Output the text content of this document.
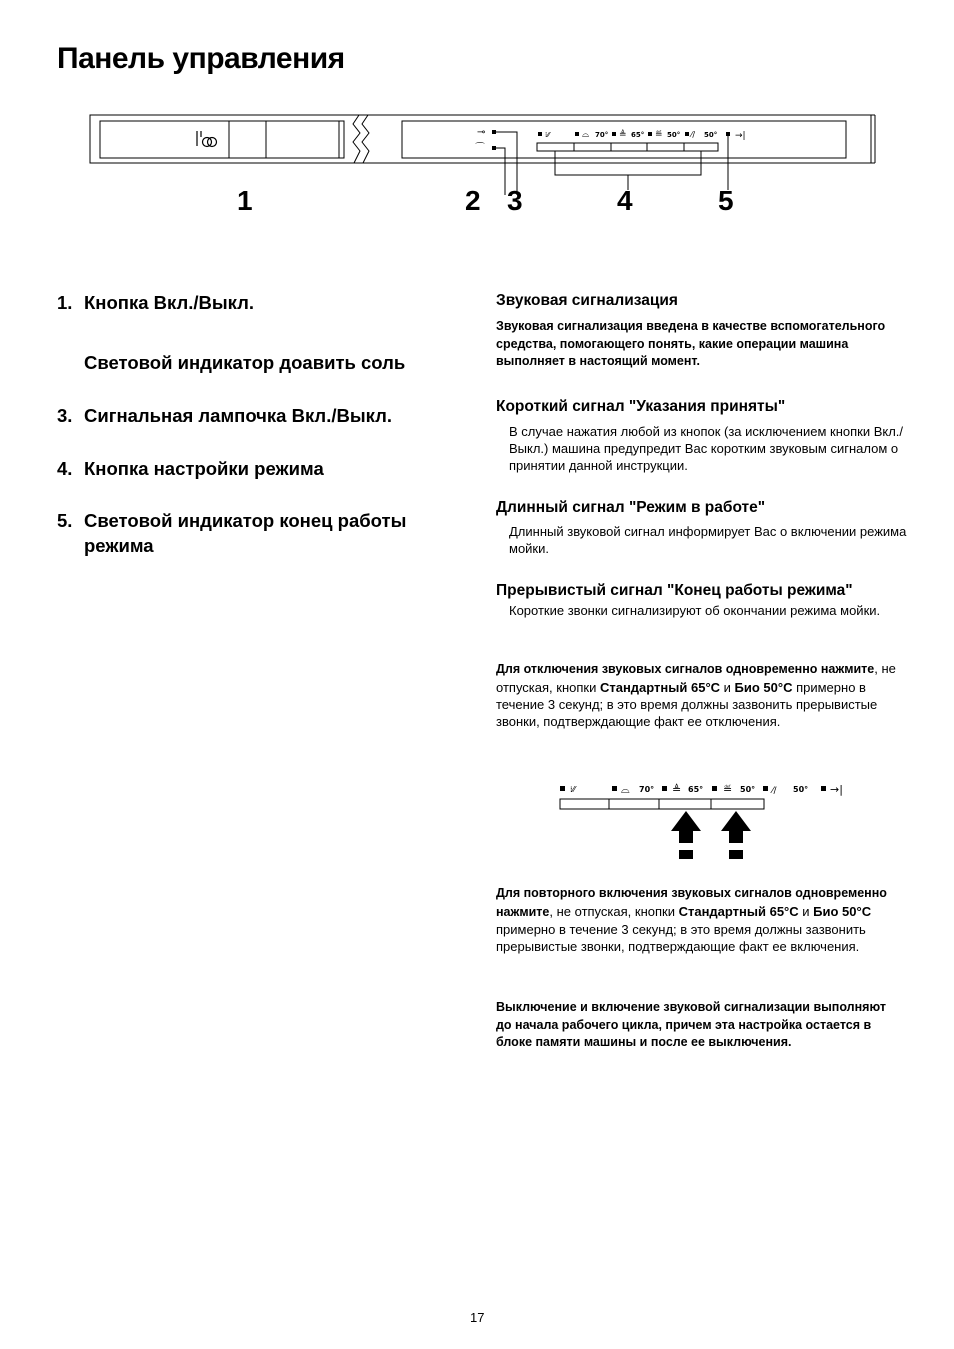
Панель управления
⊸
⌒
⁞⁄⁄	⌓ 70° ≜ 65° ≝ 50° ⁄∕ 50° →|
1	2 3	4	5
1. Кнопка Вкл./Выкл.
Световой индикатор доавить соль
3. Сигнальная лампочка Вкл./Выкл.
4. Кнопка настройки режима
5. Световой индикатор конец работы
режима
Звуковая сигнализация
Звуковая сигнализация введена в качестве вспомогательного средства, помогающего понять, какие операции машина выполняет в настоящий момент.
Короткий сигнал "Указания приняты"
В случае нажатия любой из кнопок (за исключением кнопки Вкл./Выкл.) машина предупредит Вас коротким звуковым сигналом о принятии данной инструкции.
Длинный сигнал "Режим в работе"
Длинный звуковой сигнал информирует Вас о включении режима мойки.
Прерывистый сигнал "Конец работы режима"
Короткие звонки сигнализируют об окончании режима мойки.
Для отключения звуковых сигналов одновременно нажмите, не отпуская, кнопки Стандартный 65°С и Био 50°С примерно в течение 3 секунд; в это время должны зазвонить прерывистые звонки, подтверждающие факт ее отключения.
⁞⁄⁄	⌓ 70° ≜ 65° ≝ 50° ⁄∕ 50° →|
Для повторного включения звуковых сигналов одновременно нажмите, не отпуская, кнопки Стандартный 65°С и Био 50°С примерно в течение 3 секунд; в это время должны зазвонить прерывистые звонки, подтверждающие факт ее включения.
Выключение и включение звуковой сигнализации выполняют до начала рабочего цикла, причем эта настройка остается в блоке памяти машины и после ее выключения.
17
